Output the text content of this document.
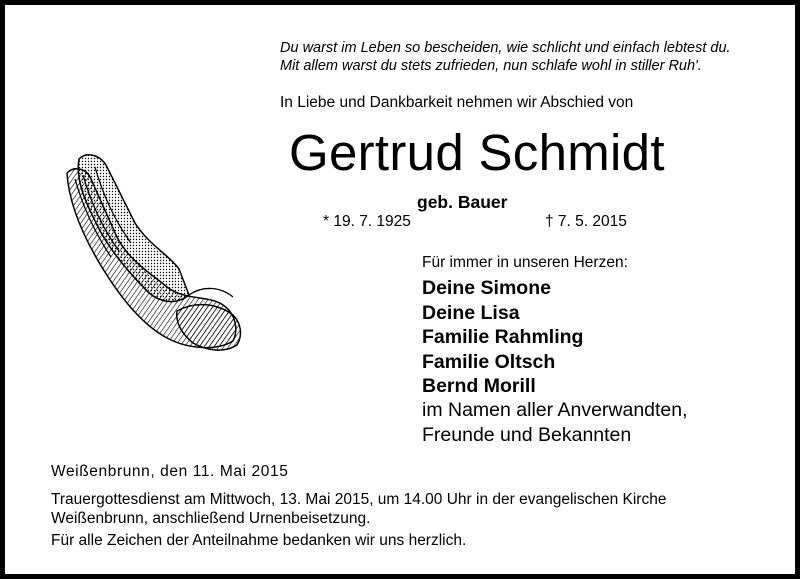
Du warst im Leben so bescheiden, wie schlicht und einfach lebtest du.
Mit allem warst du stets zufrieden, nun schlafe wohl in stiller Ruh'.
In Liebe und Dankbarkeit nehmen wir Abschied von
Gertrud Schmidt
geb. Bauer
* 19. 7. 1925	† 7. 5. 2015
Für immer in unseren Herzen:
Deine Simone
Deine Lisa
Familie Rahmling
Familie Oltsch
Bernd Morill
im Namen aller Anverwandten,
Freunde und Bekannten
Weißenbrunn, den 11. Mai 2015
Trauergottesdienst am Mittwoch, 13. Mai 2015, um 14.00 Uhr in der evangelischen Kirche
Weißenbrunn, anschließend Urnenbeisetzung.
Für alle Zeichen der Anteilnahme bedanken wir uns herzlich.
